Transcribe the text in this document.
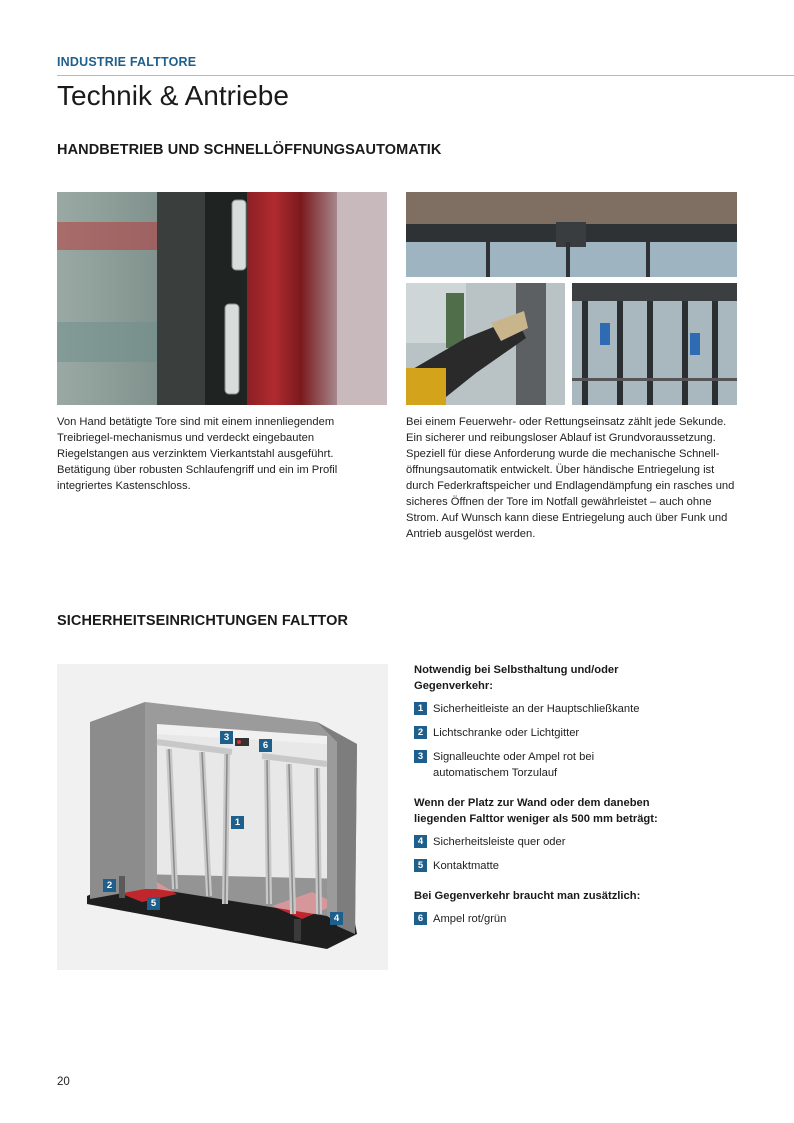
INDUSTRIE FALTTORE
Technik & Antriebe
HANDBETRIEB UND SCHNELLÖFFNUNGSAUTOMATIK
Von Hand betätigte Tore sind mit einem innenliegendem Treibriegel-mechanismus und verdeckt eingebauten Riegelstangen aus verzinktem Vierkantstahl ausgeführt. Betätigung über robusten Schlaufengriff und ein im Profil integriertes Kastenschloss.
Bei einem Feuerwehr- oder Rettungseinsatz zählt jede Sekunde. Ein sicherer und reibungsloser Ablauf ist Grundvoraussetzung. Speziell für diese Anforderung wurde die mechanische Schnell-öffnungsautomatik entwickelt. Über händische Entriegelung ist durch Federkraftspeicher und Endlagendämpfung ein rasches und sicheres Öffnen der Tore im Notfall gewährleistet – auch ohne Strom. Auf Wunsch kann diese Entriegelung auch über Funk und Antrieb ausgelöst werden.
SICHERHEITSEINRICHTUNGEN FALTTOR
1
2
3
4
5
6
Notwendig bei Selbsthaltung und/oder
Gegenverkehr:
1 Sicherheitleiste an der Hauptschließkante
2 Lichtschranke oder Lichtgitter
3 Signalleuchte oder Ampel rot bei automatischem Torzulauf
Wenn der Platz zur Wand oder dem daneben
liegenden Falttor weniger als 500 mm beträgt:
4 Sicherheitsleiste quer oder
5 Kontaktmatte
Bei Gegenverkehr braucht man zusätzlich:
6 Ampel rot/grün
20
